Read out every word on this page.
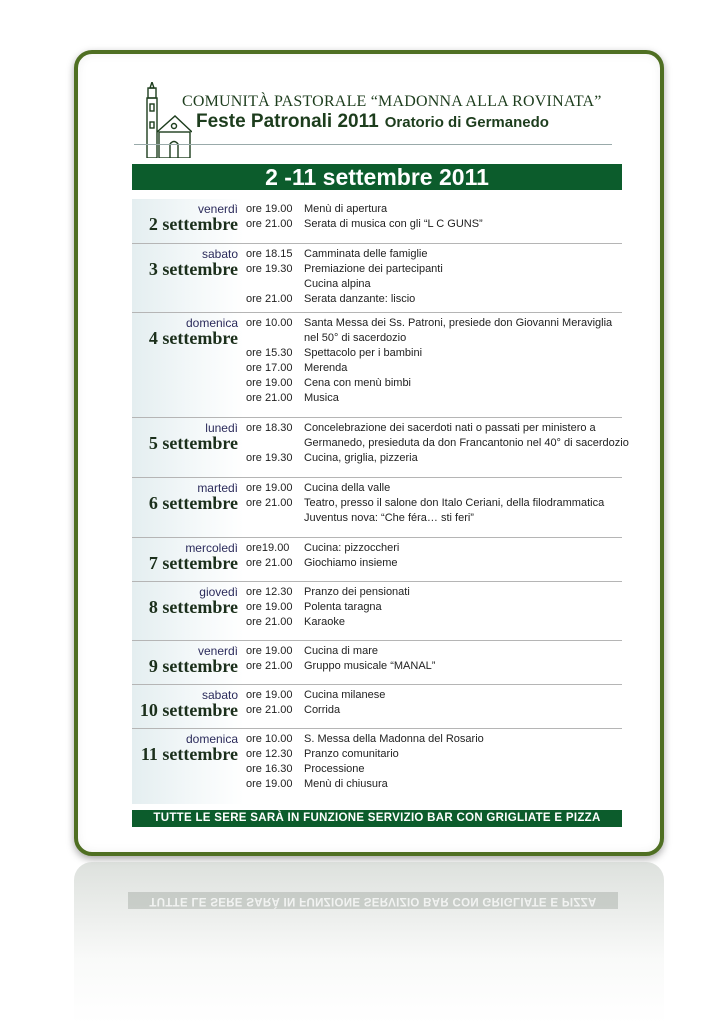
COMUNITÀ PASTORALE “MADONNA ALLA ROVINATA”
Feste Patronali 2011 Oratorio di Germanedo
2 -11 settembre 2011
venerdì
2 settembre
ore 19.00	Menù di apertura
ore 21.00	Serata di musica con gli “L C GUNS”
sabato
3 settembre
ore 18.15	Camminata delle famiglie
ore 19.30	Premiazione dei partecipanti
Cucina alpina
ore 21.00	Serata danzante: liscio
domenica
4 settembre
ore 10.00	Santa Messa dei Ss. Patroni, presiede don Giovanni Meraviglia
nel 50° di sacerdozio
ore 15.30	Spettacolo per i bambini
ore 17.00	Merenda
ore 19.00	Cena con menù bimbi
ore 21.00	Musica
lunedì
5 settembre
ore 18.30	Concelebrazione dei sacerdoti nati o passati per ministero a
Germanedo, presieduta da don Francantonio nel 40° di sacerdozio
ore 19.30	Cucina, griglia, pizzeria
martedì
6 settembre
ore 19.00	Cucina della valle
ore 21.00	Teatro, presso il salone don Italo Ceriani, della filodrammatica
Juventus nova: “Che féra… sti feri”
mercoledì
7 settembre
ore19.00	Cucina: pizzoccheri
ore 21.00	Giochiamo insieme
giovedì
8 settembre
ore 12.30	Pranzo dei pensionati
ore 19.00	Polenta taragna
ore 21.00	Karaoke
venerdì
9 settembre
ore 19.00	Cucina di mare
ore 21.00	Gruppo musicale “MANAL”
sabato
10 settembre
ore 19.00	Cucina milanese
ore 21.00	Corrida
domenica
11 settembre
ore 10.00	S. Messa della Madonna del Rosario
ore 12.30	Pranzo comunitario
ore 16.30	Processione
ore 19.00	Menù di chiusura
TUTTE LE SERE SARÀ IN FUNZIONE SERVIZIO BAR CON GRIGLIATE E PIZZA
TUTTE LE SERE SARÀ IN FUNZIONE SERVIZIO BAR CON GRIGLIATE E PIZZA
